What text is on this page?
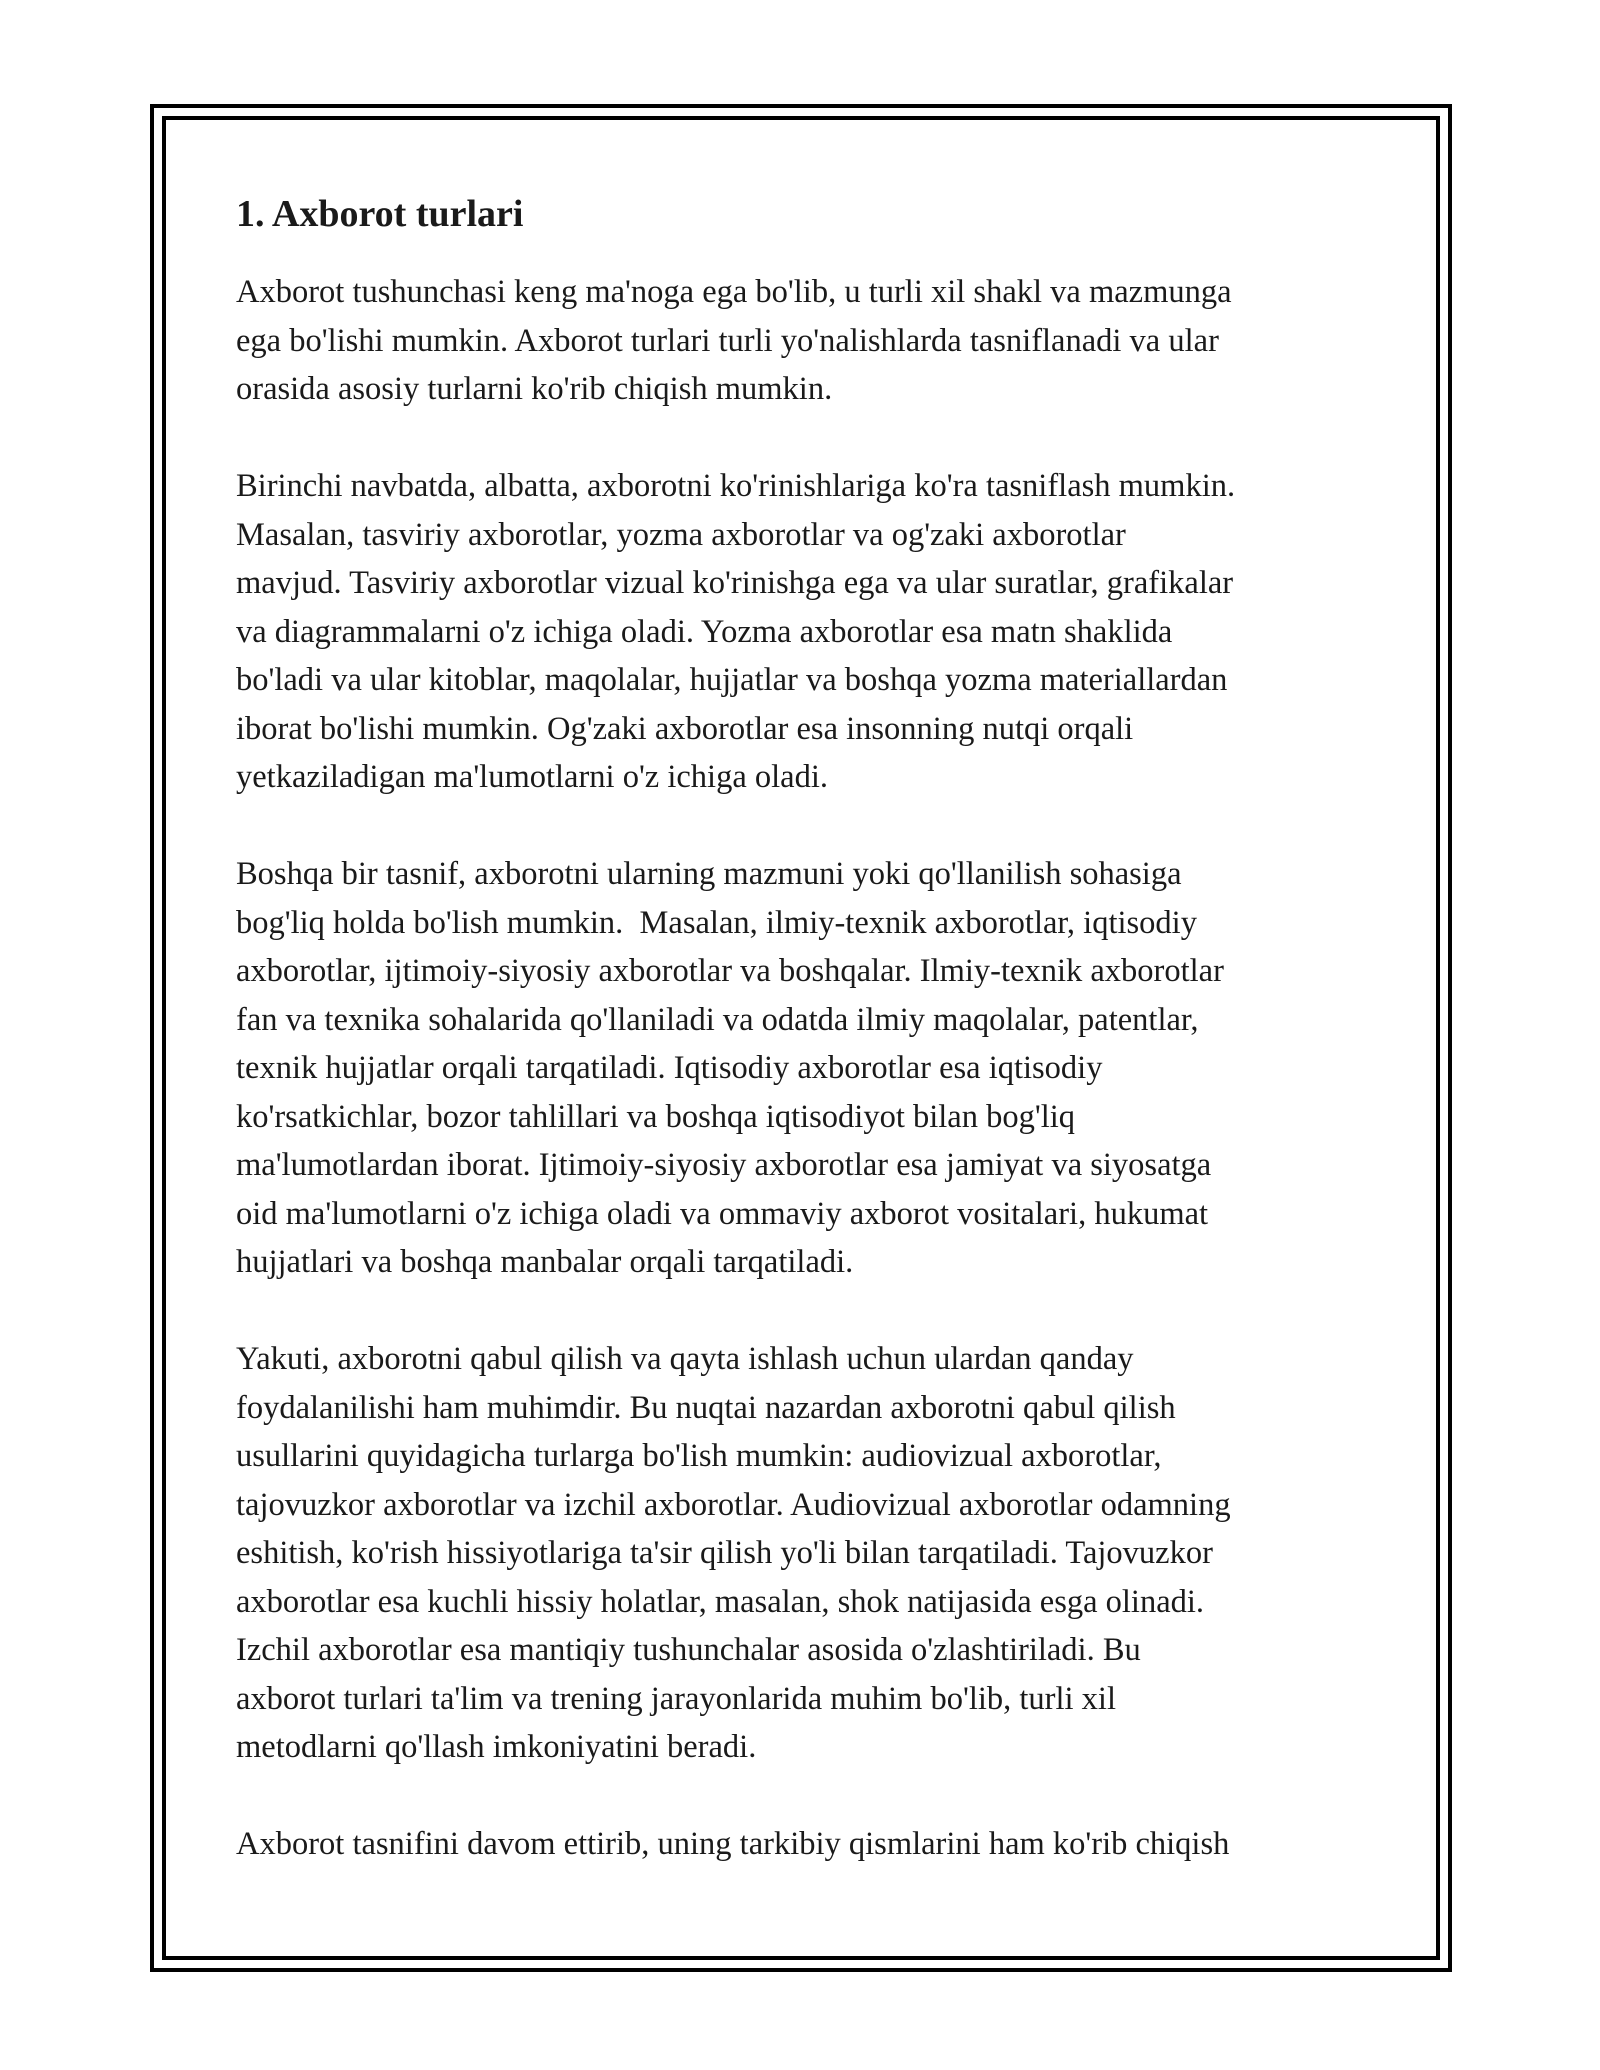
1. Axborot turlari

Axborot tushunchasi keng ma'noga ega bo'lib, u turli xil shakl va mazmunga
ega bo'lishi mumkin. Axborot turlari turli yo'nalishlarda tasniflanadi va ular
orasida asosiy turlarni ko'rib chiqish mumkin.

Birinchi navbatda, albatta, axborotni ko'rinishlariga ko'ra tasniflash mumkin.
Masalan, tasviriy axborotlar, yozma axborotlar va og'zaki axborotlar
mavjud. Tasviriy axborotlar vizual ko'rinishga ega va ular suratlar, grafikalar
va diagrammalarni o'z ichiga oladi. Yozma axborotlar esa matn shaklida
bo'ladi va ular kitoblar, maqolalar, hujjatlar va boshqa yozma materiallardan
iborat bo'lishi mumkin. Og'zaki axborotlar esa insonning nutqi orqali
yetkaziladigan ma'lumotlarni o'z ichiga oladi.

Boshqa bir tasnif, axborotni ularning mazmuni yoki qo'llanilish sohasiga
bog'liq holda bo'lish mumkin.  Masalan, ilmiy-texnik axborotlar, iqtisodiy
axborotlar, ijtimoiy-siyosiy axborotlar va boshqalar. Ilmiy-texnik axborotlar
fan va texnika sohalarida qo'llaniladi va odatda ilmiy maqolalar, patentlar,
texnik hujjatlar orqali tarqatiladi. Iqtisodiy axborotlar esa iqtisodiy
ko'rsatkichlar, bozor tahlillari va boshqa iqtisodiyot bilan bog'liq
ma'lumotlardan iborat. Ijtimoiy-siyosiy axborotlar esa jamiyat va siyosatga
oid ma'lumotlarni o'z ichiga oladi va ommaviy axborot vositalari, hukumat
hujjatlari va boshqa manbalar orqali tarqatiladi.

Yakuti, axborotni qabul qilish va qayta ishlash uchun ulardan qanday
foydalanilishi ham muhimdir. Bu nuqtai nazardan axborotni qabul qilish
usullarini quyidagicha turlarga bo'lish mumkin: audiovizual axborotlar,
tajovuzkor axborotlar va izchil axborotlar. Audiovizual axborotlar odamning
eshitish, ko'rish hissiyotlariga ta'sir qilish yo'li bilan tarqatiladi. Tajovuzkor
axborotlar esa kuchli hissiy holatlar, masalan, shok natijasida esga olinadi.
Izchil axborotlar esa mantiqiy tushunchalar asosida o'zlashtiriladi. Bu
axborot turlari ta'lim va trening jarayonlarida muhim bo'lib, turli xil
metodlarni qo'llash imkoniyatini beradi.

Axborot tasnifini davom ettirib, uning tarkibiy qismlarini ham ko'rib chiqish
